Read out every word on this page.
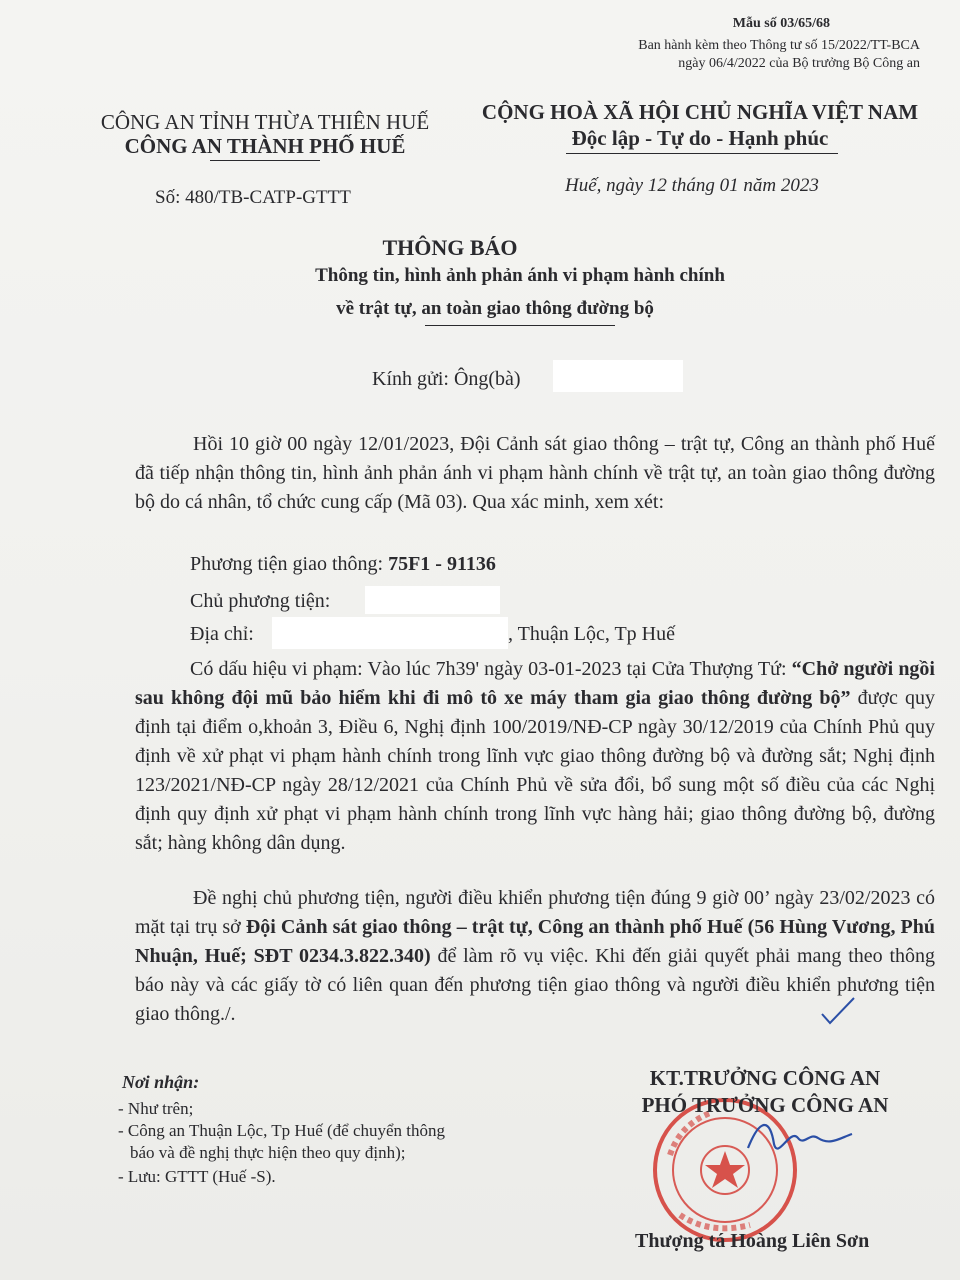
Mẫu số 03/65/68
Ban hành kèm theo Thông tư số 15/2022/TT-BCA
ngày 06/4/2022 của Bộ trưởng Bộ Công an
CÔNG AN TỈNH THỪA THIÊN HUẾ
CÔNG AN THÀNH PHỐ HUẾ
Số: 480/TB-CATP-GTTT
CỘNG HOÀ XÃ HỘI CHỦ NGHĨA VIỆT NAM
Độc lập - Tự do - Hạnh phúc
Huế, ngày 12 tháng 01 năm 2023
THÔNG BÁO
Thông tin, hình ảnh phản ánh vi phạm hành chính
về trật tự, an toàn giao thông đường bộ
Kính gửi: Ông(bà)
Hồi 10 giờ 00 ngày 12/01/2023, Đội Cảnh sát giao thông – trật tự, Công an thành phố Huế đã tiếp nhận thông tin, hình ảnh phản ánh vi phạm hành chính về trật tự, an toàn giao thông đường bộ do cá nhân, tổ chức cung cấp (Mã 03). Qua xác minh, xem xét:
Phương tiện giao thông: 75F1 - 91136
Chủ phương tiện:
Địa chỉ:	, Thuận Lộc, Tp Huế
Có dấu hiệu vi phạm: Vào lúc 7h39' ngày 03-01-2023 tại Cửa Thượng Tứ: “Chở người ngồi sau không đội mũ bảo hiểm khi đi mô tô xe máy tham gia giao thông đường bộ” được quy định tại điểm o,khoản 3, Điều 6, Nghị định 100/2019/NĐ-CP ngày 30/12/2019 của Chính Phủ quy định về xử phạt vi phạm hành chính trong lĩnh vực giao thông đường bộ và đường sắt; Nghị định 123/2021/NĐ-CP ngày 28/12/2021 của Chính Phủ về sửa đổi, bổ sung một số điều của các Nghị định quy định xử phạt vi phạm hành chính trong lĩnh vực hàng hải; giao thông đường bộ, đường sắt; hàng không dân dụng.
Đề nghị chủ phương tiện, người điều khiển phương tiện đúng 9 giờ 00’ ngày 23/02/2023 có mặt tại trụ sở Đội Cảnh sát giao thông – trật tự, Công an thành phố Huế (56 Hùng Vương, Phú Nhuận, Huế; SĐT 0234.3.822.340) để làm rõ vụ việc. Khi đến giải quyết phải mang theo thông báo này và các giấy tờ có liên quan đến phương tiện giao thông và người điều khiển phương tiện giao thông./.
Nơi nhận:
- Như trên;
- Công an Thuận Lộc, Tp Huế (để chuyển thông
báo và đề nghị thực hiện theo quy định);
- Lưu: GTTT (Huế -S).
KT.TRƯỞNG CÔNG AN
PHÓ TRƯỞNG CÔNG AN
Thượng tá Hoàng Liên Sơn
